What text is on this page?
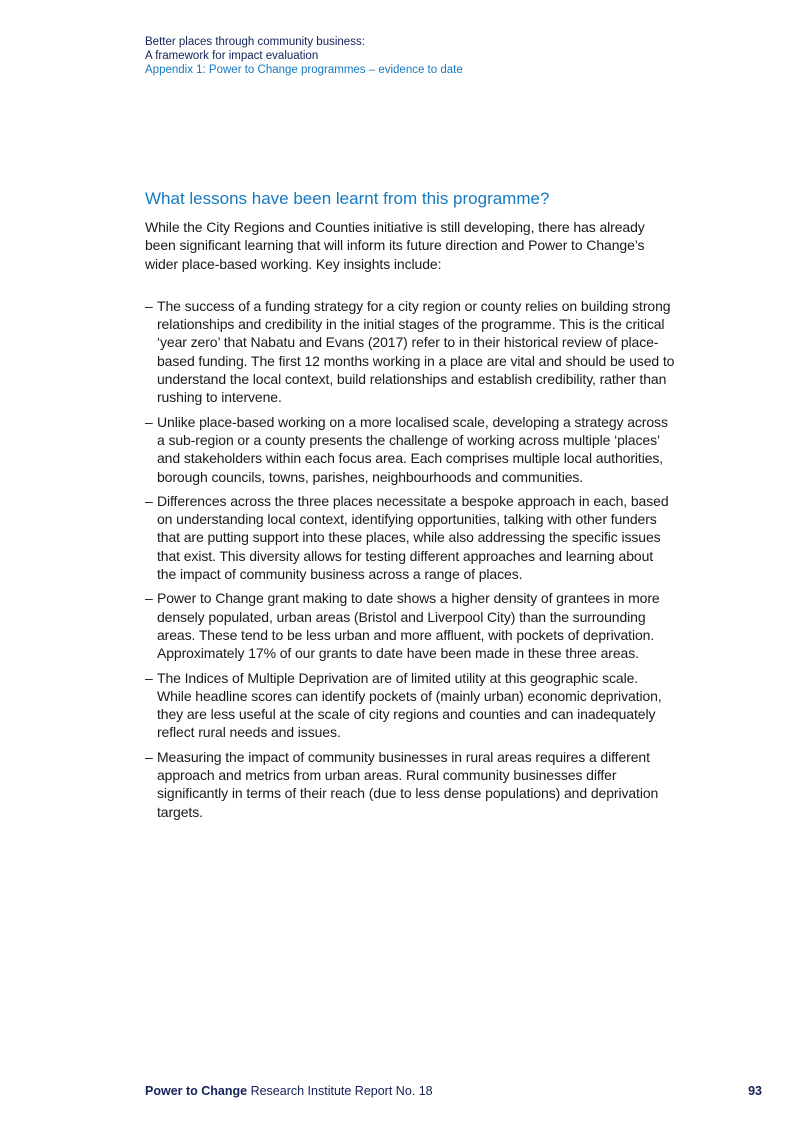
Better places through community business:
A framework for impact evaluation
Appendix 1: Power to Change programmes – evidence to date
What lessons have been learnt from this programme?

While the City Regions and Counties initiative is still developing, there has already been significant learning that will inform its future direction and Power to Change’s wider place-based working. Key insights include:

– The success of a funding strategy for a city region or county relies on building strong relationships and credibility in the initial stages of the programme. This is the critical ‘year zero’ that Nabatu and Evans (2017) refer to in their historical review of place-based funding. The first 12 months working in a place are vital and should be used to understand the local context, build relationships and establish credibility, rather than rushing to intervene.
– Unlike place-based working on a more localised scale, developing a strategy across a sub-region or a county presents the challenge of working across multiple ‘places’ and stakeholders within each focus area. Each comprises multiple local authorities, borough councils, towns, parishes, neighbourhoods and communities.
– Differences across the three places necessitate a bespoke approach in each, based on understanding local context, identifying opportunities, talking with other funders that are putting support into these places, while also addressing the specific issues that exist. This diversity allows for testing different approaches and learning about the impact of community business across a range of places.
– Power to Change grant making to date shows a higher density of grantees in more densely populated, urban areas (Bristol and Liverpool City) than the surrounding areas. These tend to be less urban and more affluent, with pockets of deprivation. Approximately 17% of our grants to date have been made in these three areas.
– The Indices of Multiple Deprivation are of limited utility at this geographic scale. While headline scores can identify pockets of (mainly urban) economic deprivation, they are less useful at the scale of city regions and counties and can inadequately reflect rural needs and issues.
– Measuring the impact of community businesses in rural areas requires a different approach and metrics from urban areas. Rural community businesses differ significantly in terms of their reach (due to less dense populations) and deprivation targets.
Power to Change Research Institute Report No. 18	93
